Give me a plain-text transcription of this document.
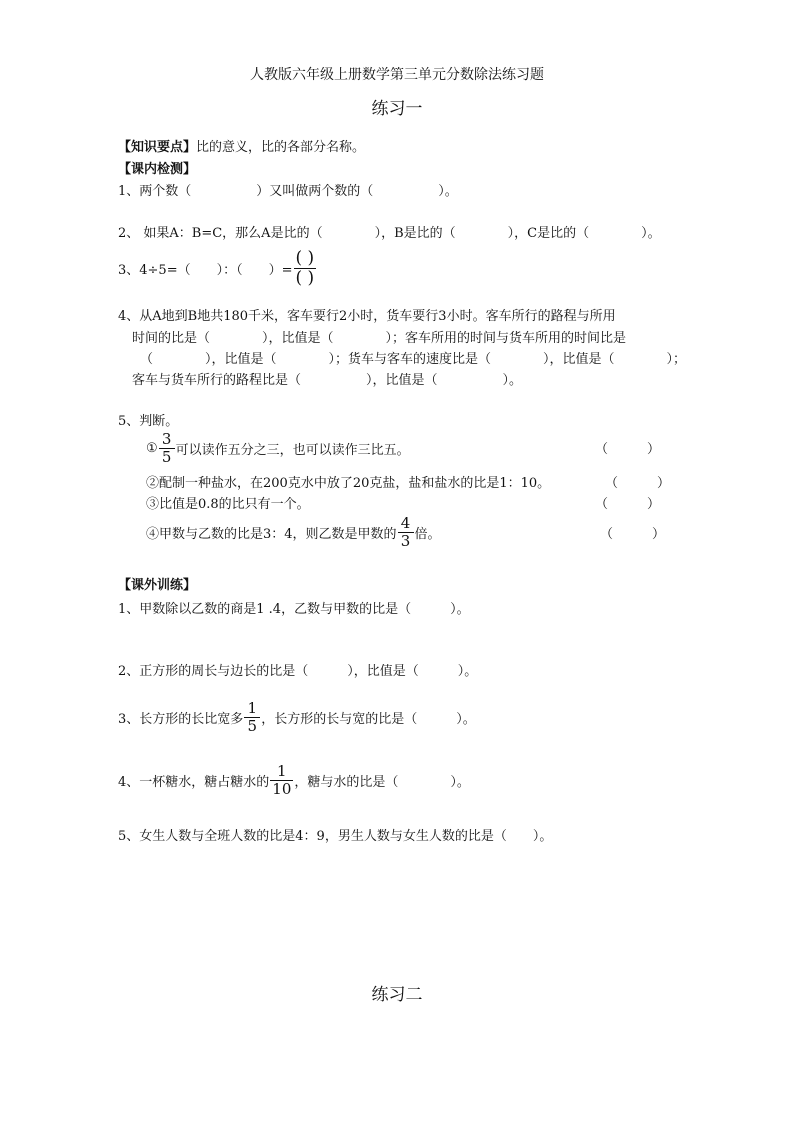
人教版六年级上册数学第三单元分数除法练习题
练习一
【知识要点】比的意义，比的各部分名称。
【课内检测】
1、两个数（　　　　　）又叫做两个数的（　　　　　）。
2、 如果A：B=C，那么A是比的（　　　　），B是比的（　　　　），C是比的（　　　　）。
3、4÷5=（　　）：（　　）= $\frac{( )}{( )}$
4、从A地到B地共180千米，客车要行2小时，货车要行3小时。客车所行的路程与所用
时间的比是（　　　　），比值是（　　　　）；客车所用的时间与货车所用的时间比是
（　　　　），比值是（　　　　）；货车与客车的速度比是（　　　　），比值是（　　　　）；
客车与货车所行的路程比是（　　　　　），比值是（　　　　　）。
5、判断。
① $\frac{3}{5}$ 可以读作五分之三，也可以读作三比五。	（　　　）
②配制一种盐水，在200克水中放了20克盐，盐和盐水的比是1：10。	（　　　）
③比值是0.8的比只有一个。	（　　　）
④甲数与乙数的比是3：4，则乙数是甲数的 $\frac{4}{3}$ 倍。	（　　　）
【课外训练】
1、甲数除以乙数的商是1 .4，乙数与甲数的比是（　　　）。
2、正方形的周长与边长的比是（　　　），比值是（　　　）。
3、长方形的长比宽多 $\frac{1}{5}$ ，长方形的长与宽的比是（　　　）。
4、一杯糖水，糖占糖水的 $\frac{1}{10}$ ，糖与水的比是（　　　　）。
5、女生人数与全班人数的比是4：9，男生人数与女生人数的比是（　　）。
练习二
